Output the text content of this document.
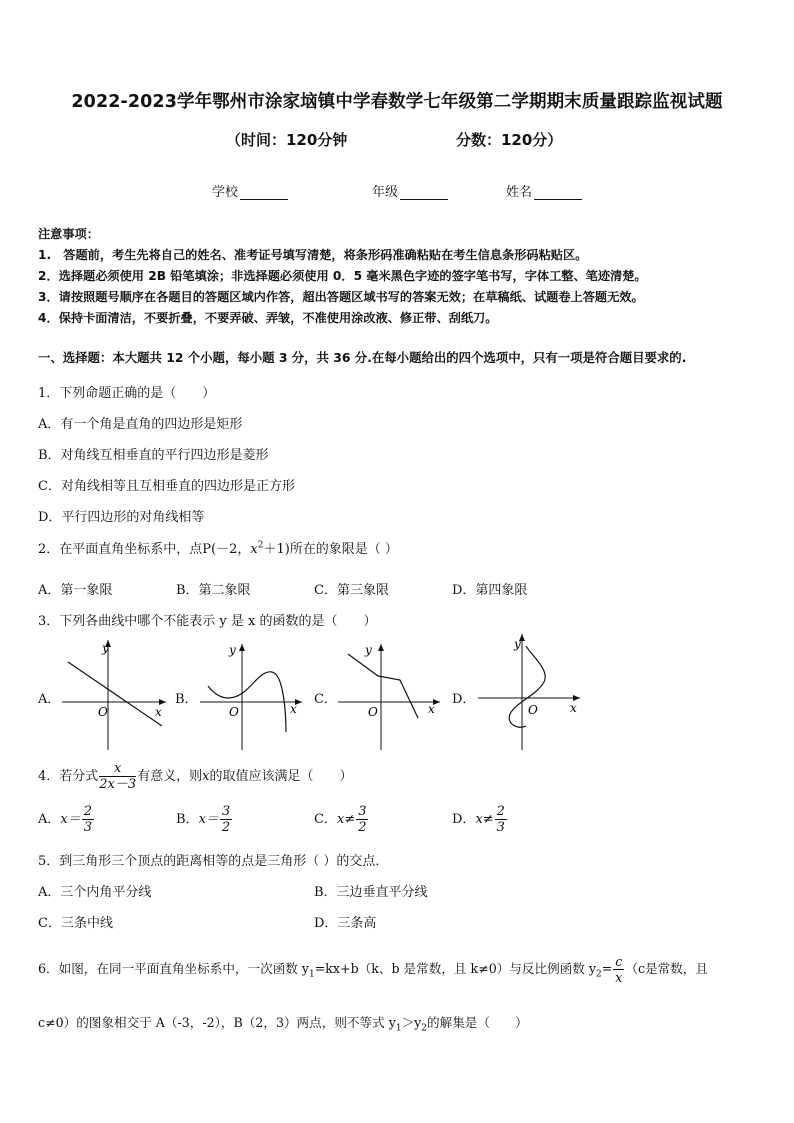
2022-2023学年鄂州市涂家垴镇中学春数学七年级第二学期期末质量跟踪监视试题
（时间：120分钟	分数：120分）
学校	年级	姓名
注意事项：
1.　答题前，考生先将自己的姓名、准考证号填写清楚，将条形码准确粘贴在考生信息条形码粘贴区。
2．选择题必须使用 2B 铅笔填涂；非选择题必须使用 0．5 毫米黑色字迹的签字笔书写，字体工整、笔迹清楚。
3．请按照题号顺序在各题目的答题区域内作答，超出答题区域书写的答案无效；在草稿纸、试题卷上答题无效。
4．保持卡面清洁，不要折叠，不要弄破、弄皱，不准使用涂改液、修正带、刮纸刀。
一、选择题：本大题共 12 个小题，每小题 3 分，共 36 分.在每小题给出的四个选项中，只有一项是符合题目要求的.
1．下列命题正确的是（　　）
A．有一个角是直角的四边形是矩形
B．对角线互相垂直的平行四边形是菱形
C．对角线相等且互相垂直的四边形是正方形
D．平行四边形的对角线相等
2．在平面直角坐标系中，点P(－2，$x^2+1$)所在的象限是（ ）
A．第一象限	B．第二象限	C．第三象限	D．第四象限
3．下列各曲线中哪个不能表示 y 是 x 的函数的是（　　）
A．
y
x
O
B．
y
x
O
C．
y
x
O
D．
y
x
O
4．若分式 $\frac{x}{2x-3}$ 有意义，则x的取值应该满足（　　）
A．$x= \frac{2}{3}$	B．$x= \frac{3}{2}$	C．$x\ne \frac{3}{2}$	D．$x\ne \frac{2}{3}$
5．到三角形三个顶点的距离相等的点是三角形（ ）的交点．
A．三个内角平分线	B．三边垂直平分线
C．三条中线	D．三条高
6．如图，在同一平面直角坐标系中，一次函数 $y_1=kx+b(k$、b 是常数，且 k≠0）与反比例函数 $y_2= \frac{c}{x} (c$是常数，且
c≠0）的图象相交于 A（-3，-2），B（2，3）两点，则不等式 $y_1>y_2$的解集是（　　）
